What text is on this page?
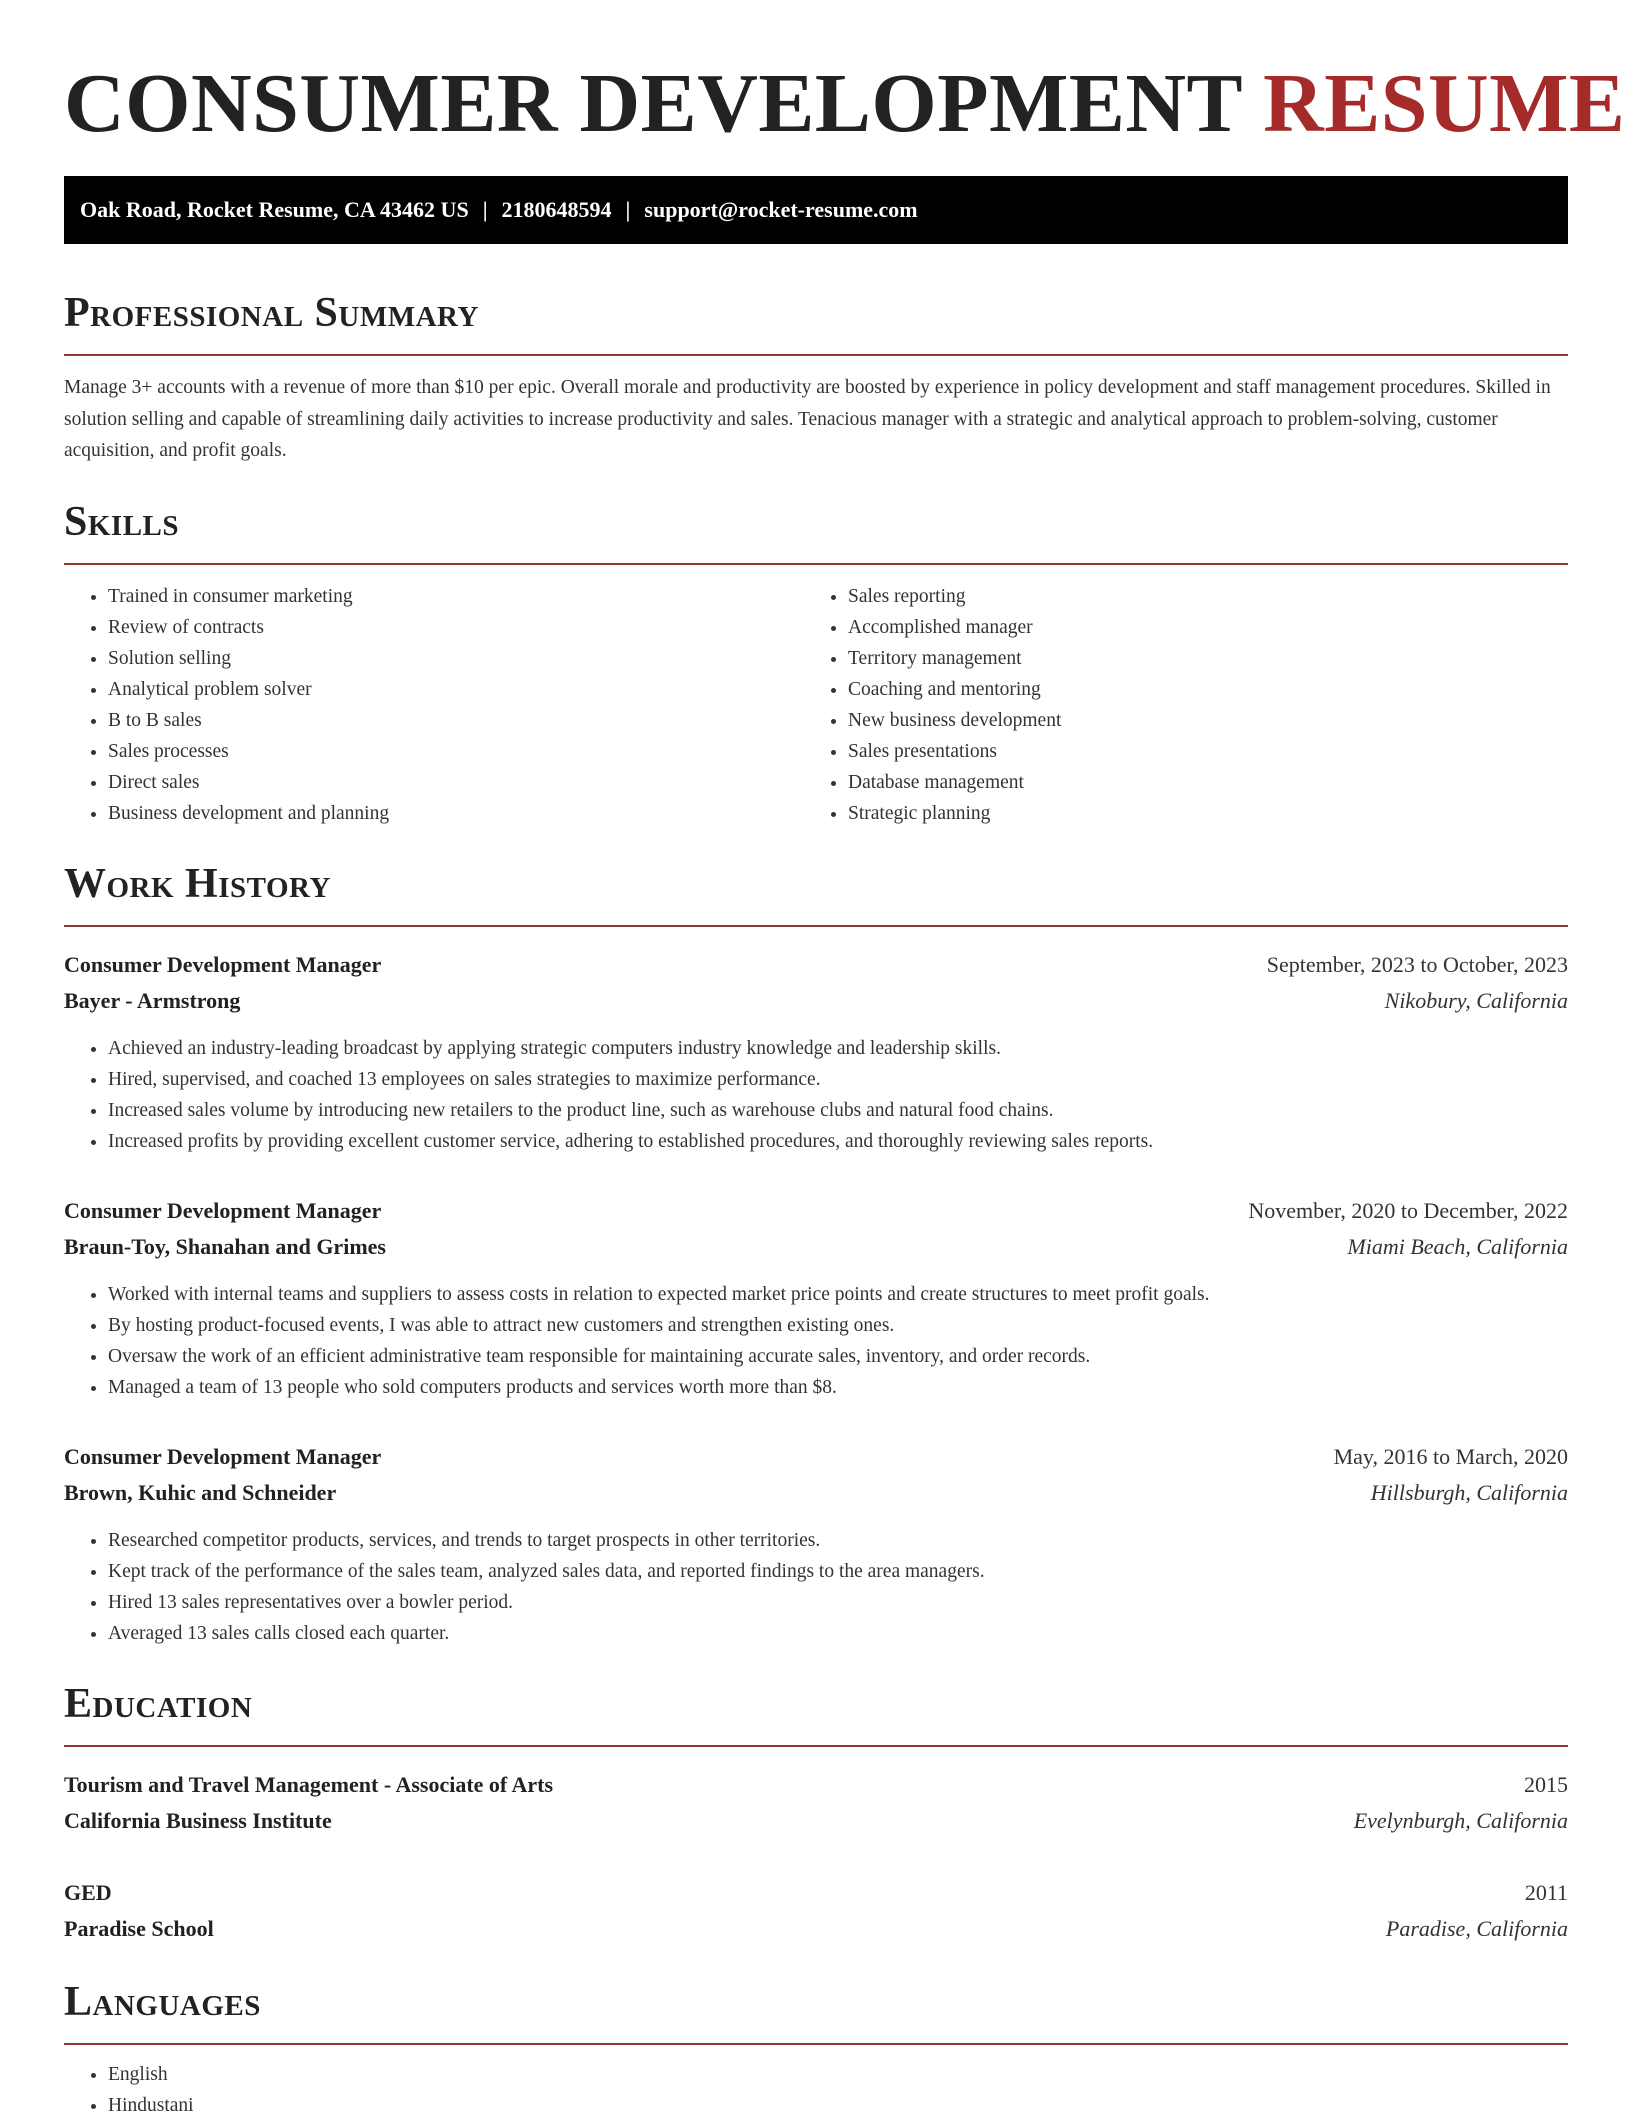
CONSUMER DEVELOPMENT RESUME
Oak Road, Rocket Resume, CA 43462 US | 2180648594 | support@rocket-resume.com
Professional Summary

Manage 3+ accounts with a revenue of more than $10 per epic. Overall morale and productivity are boosted by experience in policy development and staff management procedures. Skilled in solution selling and capable of streamlining daily activities to increase productivity and sales. Tenacious manager with a strategic and analytical approach to problem-solving, customer acquisition, and profit goals.

Skills
• Trained in consumer marketing
• Review of contracts
• Solution selling
• Analytical problem solver
• B to B sales
• Sales processes
• Direct sales
• Business development and planning
• Sales reporting
• Accomplished manager
• Territory management
• Coaching and mentoring
• New business development
• Sales presentations
• Database management
• Strategic planning
Work History
Consumer Development Manager	September, 2023 to October, 2023
Bayer - Armstrong	Nikobury, California
• Achieved an industry-leading broadcast by applying strategic computers industry knowledge and leadership skills.
• Hired, supervised, and coached 13 employees on sales strategies to maximize performance.
• Increased sales volume by introducing new retailers to the product line, such as warehouse clubs and natural food chains.
• Increased profits by providing excellent customer service, adhering to established procedures, and thoroughly reviewing sales reports.
Consumer Development Manager	November, 2020 to December, 2022
Braun-Toy, Shanahan and Grimes	Miami Beach, California
• Worked with internal teams and suppliers to assess costs in relation to expected market price points and create structures to meet profit goals.
• By hosting product-focused events, I was able to attract new customers and strengthen existing ones.
• Oversaw the work of an efficient administrative team responsible for maintaining accurate sales, inventory, and order records.
• Managed a team of 13 people who sold computers products and services worth more than $8.
Consumer Development Manager	May, 2016 to March, 2020
Brown, Kuhic and Schneider	Hillsburgh, California
• Researched competitor products, services, and trends to target prospects in other territories.
• Kept track of the performance of the sales team, analyzed sales data, and reported findings to the area managers.
• Hired 13 sales representatives over a bowler period.
• Averaged 13 sales calls closed each quarter.
Education
Tourism and Travel Management - Associate of Arts	2015
California Business Institute	Evelynburgh, California
GED	2011
Paradise School	Paradise, California
Languages
• English
• Hindustani
